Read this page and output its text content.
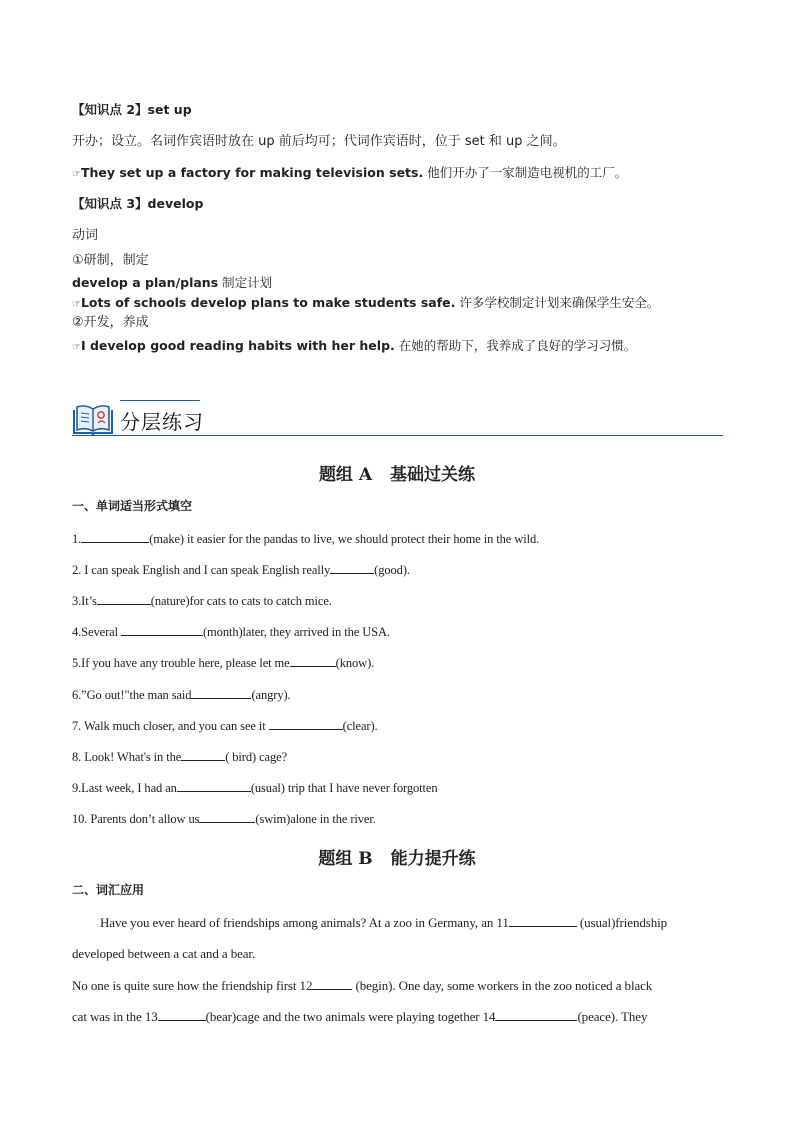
【知识点 2】set up
开办；设立。名词作宾语时放在 up 前后均可；代词作宾语时，位于 set 和 up 之间。
☞They set up a factory for making television sets. 他们开办了一家制造电视机的工厂。
【知识点 3】develop
动词
①研制，制定
develop a plan/plans 制定计划
☞Lots of schools develop plans to make students safe. 许多学校制定计划来确保学生安全。
②开发，养成
☞I develop good reading habits with her help. 在她的帮助下，我养成了良好的学习习惯。
分层练习
题组 A 基础过关练
一、单词适当形式填空
1.	(make) it easier for the pandas to live, we should protect their home in the wild.
2. I can speak English and I can speak English really	(good).
3.It’s	(nature)for cats to cats to catch mice.
4.Several	(month)later, they arrived in the USA.
5.If you have any trouble here, please let me	(know).
6.”Go out!"the man said	(angry).
7. Walk much closer, and you can see it	(clear).
8. Look! What's in the	( bird) cage?
9.Last week, I had an	(usual) trip that I have never forgotten
10. Parents don’t allow us	(swim)alone in the river.
题组 B 能力提升练
二、词汇应用
Have you ever heard of friendships among animals? At a zoo in Germany, an 11	(usual)friendship
developed between a cat and a bear.
No one is quite sure how the friendship first 12	(begin). One day, some workers in the zoo noticed a black
cat was in the 13	(bear)cage and the two animals were playing together 14	(peace). They
